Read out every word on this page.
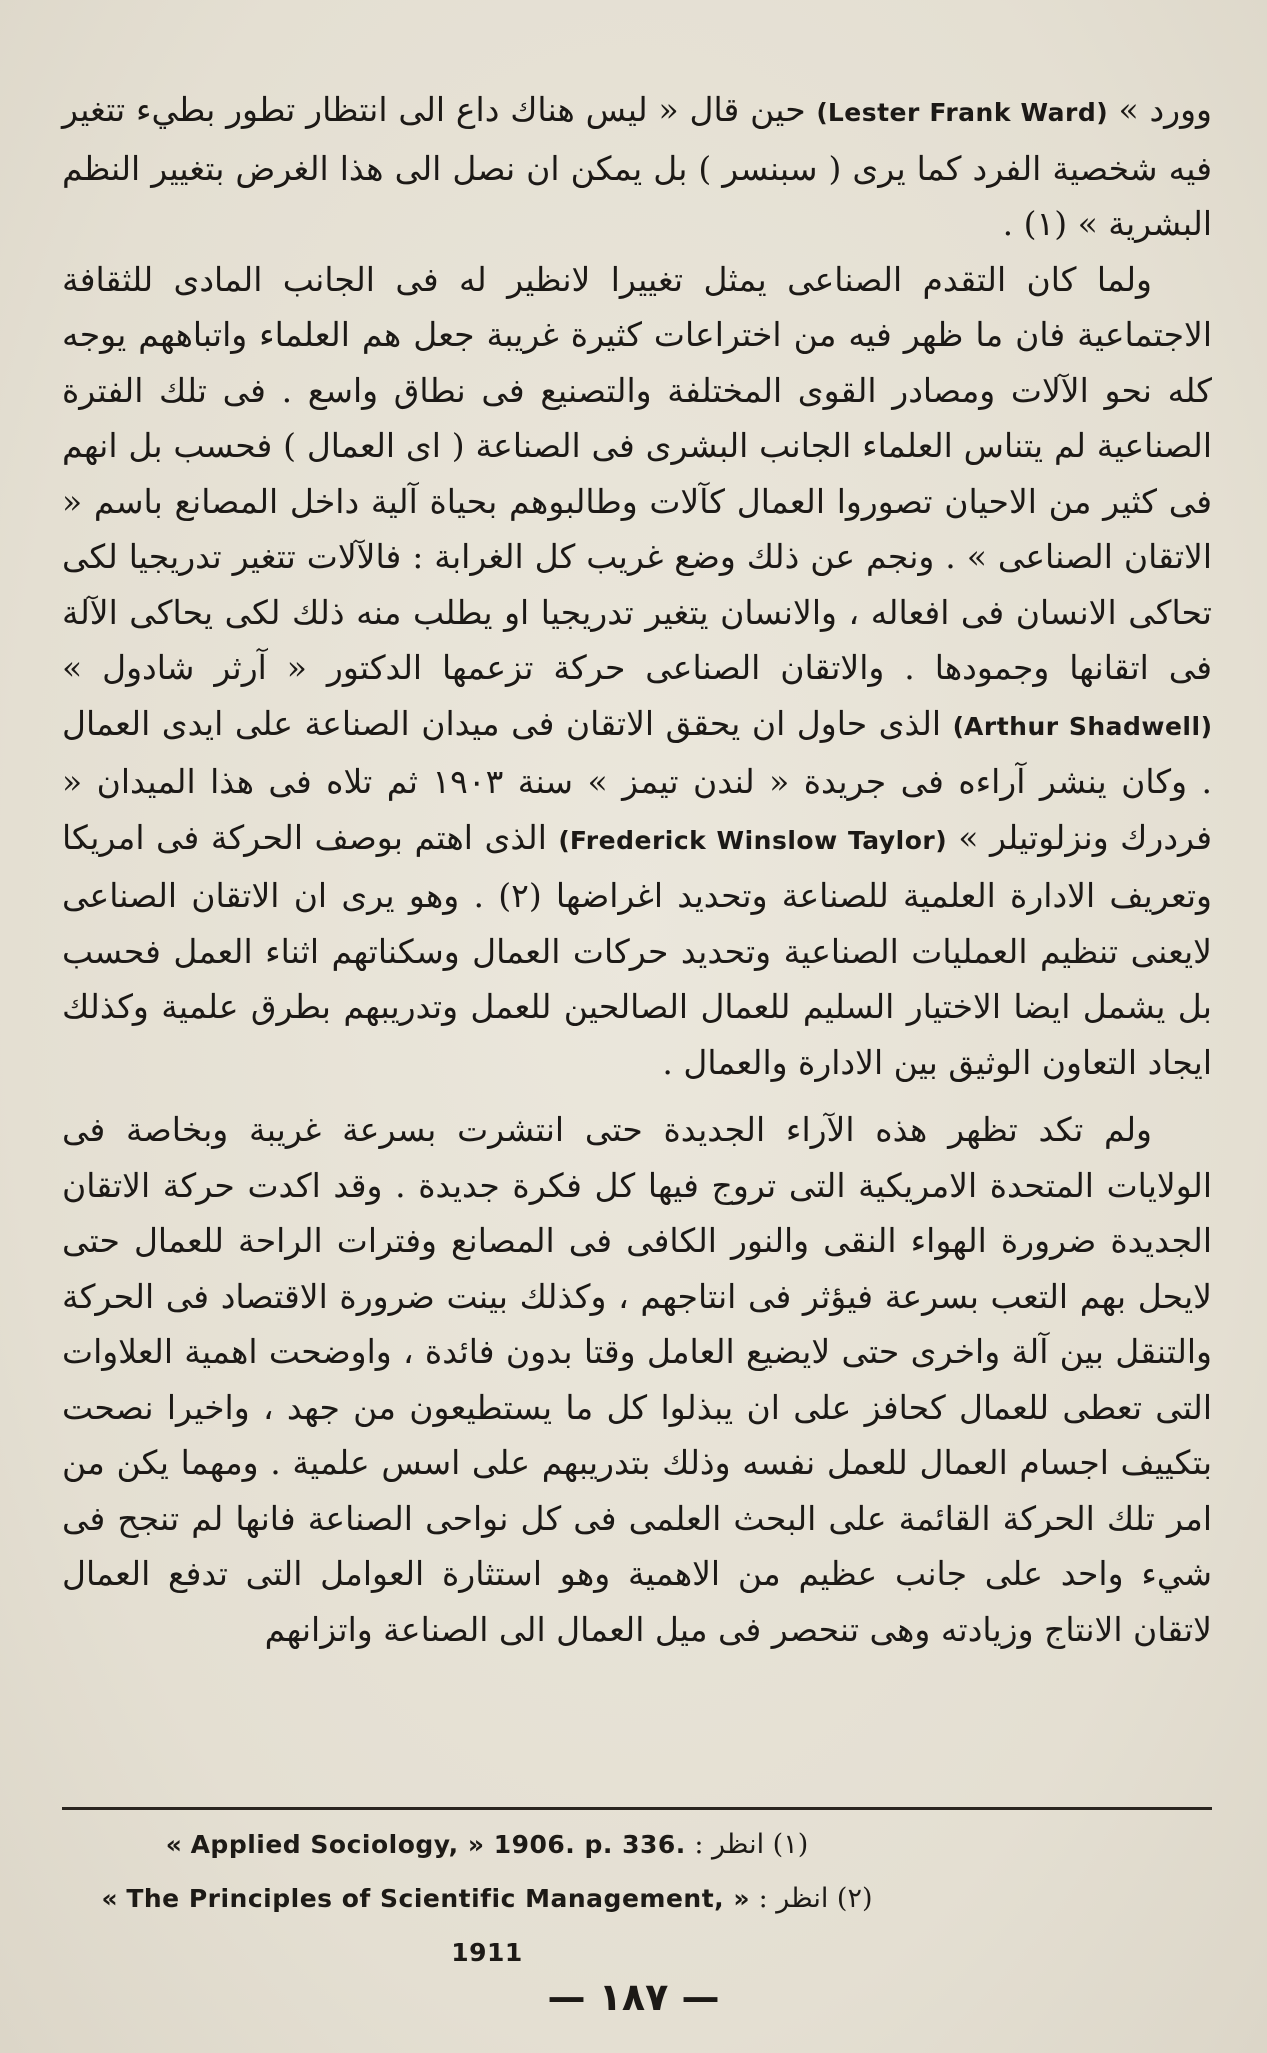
وورد » (Lester Frank Ward) حين قال « ليس هناك داع الى انتظار تطور بطيء تتغير فيه شخصية الفرد كما يرى ( سبنسر ) بل يمكن ان نصل الى هذا الغرض بتغيير النظم البشرية » (١) .

ولما كان التقدم الصناعى يمثل تغييرا لانظير له فى الجانب المادى للثقافة الاجتماعية فان ما ظهر فيه من اختراعات كثيرة غريبة جعل هم العلماء واتباههم يوجه كله نحو الآلات ومصادر القوى المختلفة والتصنيع فى نطاق واسع . فى تلك الفترة الصناعية لم يتناس العلماء الجانب البشرى فى الصناعة ( اى العمال ) فحسب بل انهم فى كثير من الاحيان تصوروا العمال كآلات وطالبوهم بحياة آلية داخل المصانع باسم « الاتقان الصناعى » . ونجم عن ذلك وضع غريب كل الغرابة : فالآلات تتغير تدريجيا لكى تحاكى الانسان فى افعاله ، والانسان يتغير تدريجيا او يطلب منه ذلك لكى يحاكى الآلة فى اتقانها وجمودها . والاتقان الصناعى حركة تزعمها الدكتور « آرثر شادول » (Arthur Shadwell) الذى حاول ان يحقق الاتقان فى ميدان الصناعة على ايدى العمال . وكان ينشر آراءه فى جريدة « لندن تيمز » سنة ١٩٠٣ ثم تلاه فى هذا الميدان « فردرك ونزلوتيلر » (Frederick Winslow Taylor) الذى اهتم بوصف الحركة فى امريكا وتعريف الادارة العلمية للصناعة وتحديد اغراضها (٢) . وهو يرى ان الاتقان الصناعى لايعنى تنظيم العمليات الصناعية وتحديد حركات العمال وسكناتهم اثناء العمل فحسب بل يشمل ايضا الاختيار السليم للعمال الصالحين للعمل وتدريبهم بطرق علمية وكذلك ايجاد التعاون الوثيق بين الادارة والعمال .

ولم تكد تظهر هذه الآراء الجديدة حتى انتشرت بسرعة غريبة وبخاصة فى الولايات المتحدة الامريكية التى تروج فيها كل فكرة جديدة . وقد اكدت حركة الاتقان الجديدة ضرورة الهواء النقى والنور الكافى فى المصانع وفترات الراحة للعمال حتى لايحل بهم التعب بسرعة فيؤثر فى انتاجهم ، وكذلك بينت ضرورة الاقتصاد فى الحركة والتنقل بين آلة واخرى حتى لايضيع العامل وقتا بدون فائدة ، واوضحت اهمية العلاوات التى تعطى للعمال كحافز على ان يبذلوا كل ما يستطيعون من جهد ، واخيرا نصحت بتكييف اجسام العمال للعمل نفسه وذلك بتدريبهم على اسس علمية . ومهما يكن من امر تلك الحركة القائمة على البحث العلمى فى كل نواحى الصناعة فانها لم تنجح فى شيء واحد على جانب عظيم من الاهمية وهو استثارة العوامل التى تدفع العمال لاتقان الانتاج وزيادته وهى تنحصر فى ميل العمال الى الصناعة واتزانهم

(١) انظر : « Applied Sociology, » 1906. p. 336.
(٢) انظر : « The Principles of Scientific Management, » 1911
— ١٨٧ —
